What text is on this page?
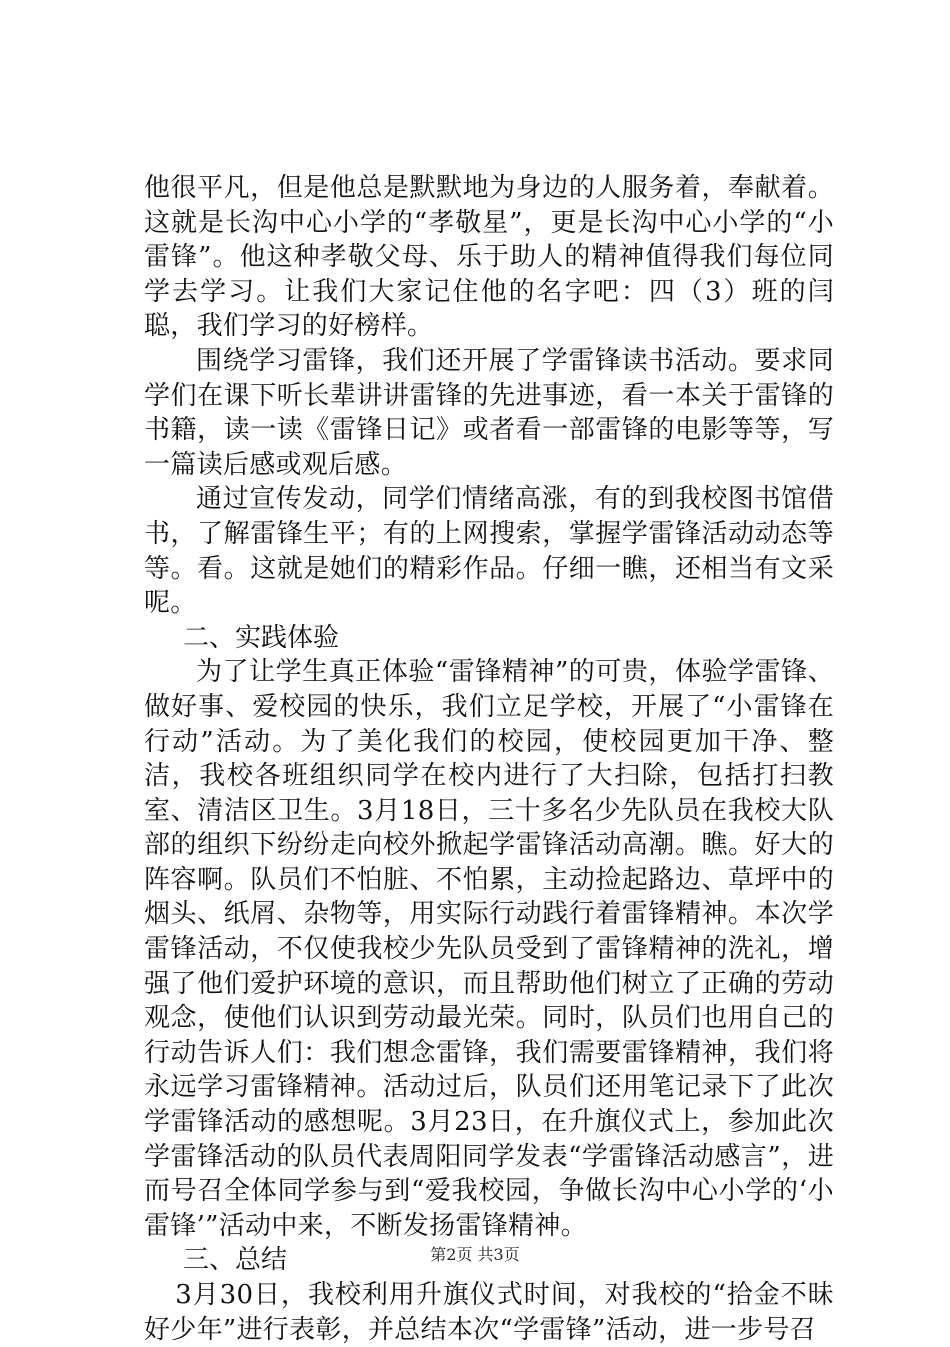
他很平凡，但是他总是默默地为身边的人服务着，奉献着。这就是长沟中心小学的“孝敬星”，更是长沟中心小学的“小雷锋”。他这种孝敬父母、乐于助人的精神值得我们每位同学去学习。让我们大家记住他的名字吧：四（3）班的闫聪，我们学习的好榜样。

围绕学习雷锋，我们还开展了学雷锋读书活动。要求同学们在课下听长辈讲讲雷锋的先进事迹，看一本关于雷锋的书籍，读一读《雷锋日记》或者看一部雷锋的电影等等，写一篇读后感或观后感。

通过宣传发动，同学们情绪高涨，有的到我校图书馆借书，了解雷锋生平；有的上网搜索，掌握学雷锋活动动态等等。看。这就是她们的精彩作品。仔细一瞧，还相当有文采呢。

二、实践体验

为了让学生真正体验“雷锋精神”的可贵，体验学雷锋、做好事、爱校园的快乐，我们立足学校，开展了“小雷锋在行动”活动。为了美化我们的校园，使校园更加干净、整洁，我校各班组织同学在校内进行了大扫除，包括打扫教室、清洁区卫生。3月18日，三十多名少先队员在我校大队部的组织下纷纷走向校外掀起学雷锋活动高潮。瞧。好大的阵容啊。队员们不怕脏、不怕累，主动捡起路边、草坪中的烟头、纸屑、杂物等，用实际行动践行着雷锋精神。本次学雷锋活动，不仅使我校少先队员受到了雷锋精神的洗礼，增强了他们爱护环境的意识，而且帮助他们树立了正确的劳动观念，使他们认识到劳动最光荣。同时，队员们也用自己的行动告诉人们：我们想念雷锋，我们需要雷锋精神，我们将永远学习雷锋精神。活动过后，队员们还用笔记录下了此次学雷锋活动的感想呢。3月23日，在升旗仪式上，参加此次学雷锋活动的队员代表周阳同学发表“学雷锋活动感言”，进而号召全体同学参与到“爱我校园，争做长沟中心小学的‘小雷锋’”活动中来，不断发扬雷锋精神。

三、总结

3月30日，我校利用升旗仪式时间，对我校的“拾金不昧好少年”进行表彰，并总结本次“学雷锋”活动，进一步号召

第2页 共3页
